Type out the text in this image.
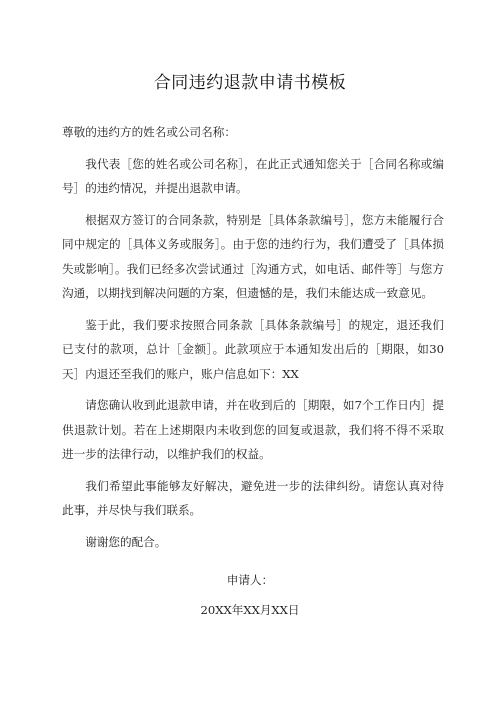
合同违约退款申请书模板

尊敬的违约方的姓名或公司名称：

我代表［您的姓名或公司名称］，在此正式通知您关于［合同名称或编号］的违约情况，并提出退款申请。

根据双方签订的合同条款，特别是［具体条款编号］，您方未能履行合同中规定的［具体义务或服务］。由于您的违约行为，我们遭受了［具体损失或影响］。我们已经多次尝试通过［沟通方式，如电话、邮件等］与您方沟通，以期找到解决问题的方案，但遗憾的是，我们未能达成一致意见。

鉴于此，我们要求按照合同条款［具体条款编号］的规定，退还我们已支付的款项，总计［金额］。此款项应于本通知发出后的［期限，如30天］内退还至我们的账户，账户信息如下：XX

请您确认收到此退款申请，并在收到后的［期限，如7个工作日内］提供退款计划。若在上述期限内未收到您的回复或退款，我们将不得不采取进一步的法律行动，以维护我们的权益。

我们希望此事能够友好解决，避免进一步的法律纠纷。请您认真对待此事，并尽快与我们联系。

谢谢您的配合。

申请人：
20XX年XX月XX日
